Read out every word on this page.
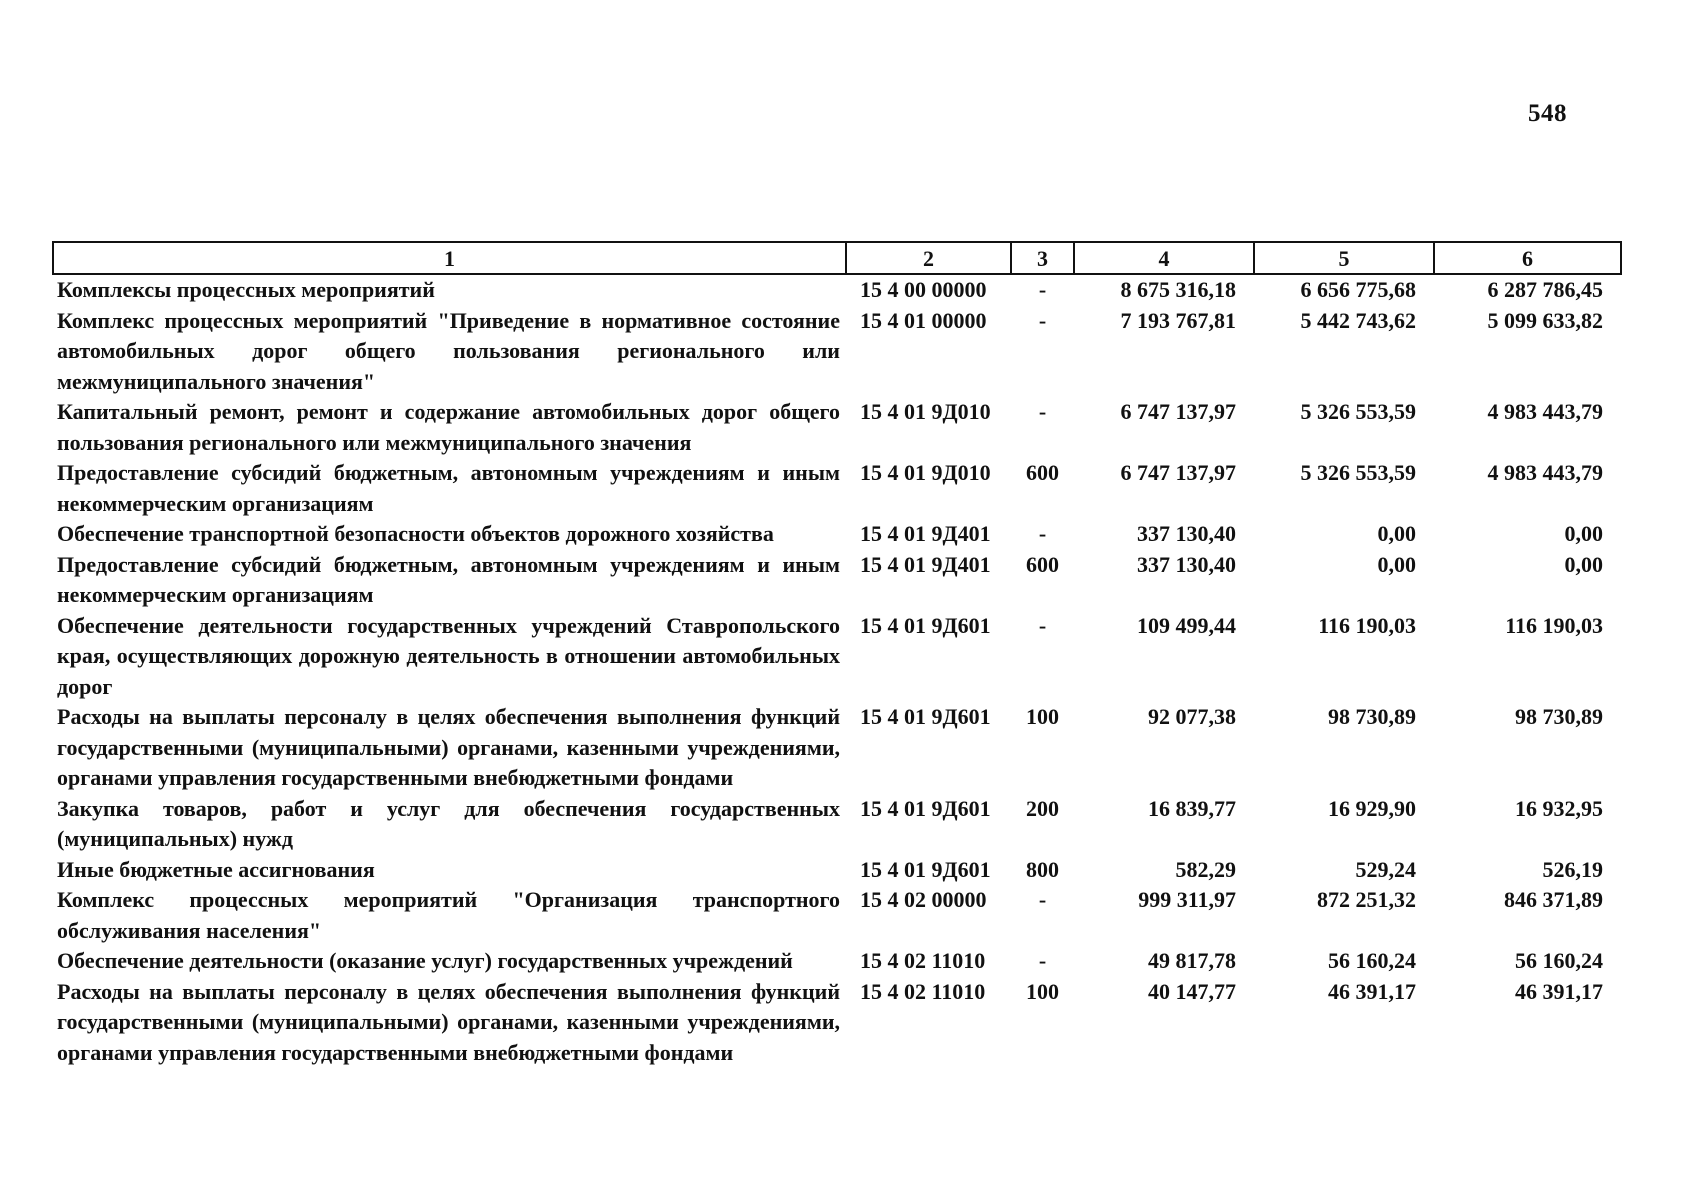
548
1	2	3	4	5	6
Комплексы процессных мероприятий	15 4 00 00000	-	8 675 316,18	6 656 775,68	6 287 786,45
Комплекс процессных мероприятий "Приведение в нормативное состояние автомобильных дорог общего пользования регионального или межмуниципального значения"	15 4 01 00000	-	7 193 767,81	5 442 743,62	5 099 633,82
Капитальный ремонт, ремонт и содержание автомобильных дорог общего пользования регионального или межмуниципального значения	15 4 01 9Д010	-	6 747 137,97	5 326 553,59	4 983 443,79
Предоставление субсидий бюджетным, автономным учреждениям и иным некоммерческим организациям	15 4 01 9Д010	600	6 747 137,97	5 326 553,59	4 983 443,79
Обеспечение транспортной безопасности объектов дорожного хозяйства	15 4 01 9Д401	-	337 130,40	0,00	0,00
Предоставление субсидий бюджетным, автономным учреждениям и иным некоммерческим организациям	15 4 01 9Д401	600	337 130,40	0,00	0,00
Обеспечение деятельности государственных учреждений Ставропольского края, осуществляющих дорожную деятельность в отношении автомобильных дорог	15 4 01 9Д601	-	109 499,44	116 190,03	116 190,03
Расходы на выплаты персоналу в целях обеспечения выполнения функций государственными (муниципальными) органами, казенными учреждениями, органами управления государственными внебюджетными фондами	15 4 01 9Д601	100	92 077,38	98 730,89	98 730,89
Закупка товаров, работ и услуг для обеспечения государственных (муниципальных) нужд	15 4 01 9Д601	200	16 839,77	16 929,90	16 932,95
Иные бюджетные ассигнования	15 4 01 9Д601	800	582,29	529,24	526,19
Комплекс процессных мероприятий "Организация транспортного обслуживания населения"	15 4 02 00000	-	999 311,97	872 251,32	846 371,89
Обеспечение деятельности (оказание услуг) государственных учреждений	15 4 02 11010	-	49 817,78	56 160,24	56 160,24
Расходы на выплаты персоналу в целях обеспечения выполнения функций государственными (муниципальными) органами, казенными учреждениями, органами управления государственными внебюджетными фондами	15 4 02 11010	100	40 147,77	46 391,17	46 391,17
